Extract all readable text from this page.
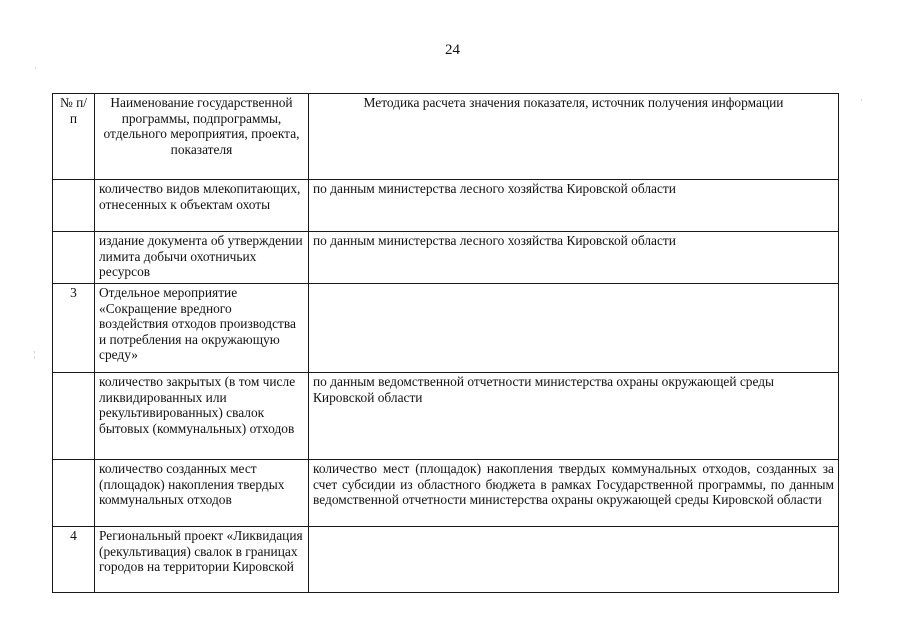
24
·
¦
·
№ п/п	Наименование государственной программы, подпрограммы, отдельного мероприятия, проекта, показателя	Методика расчета значения показателя, источник получения информации
	количество видов млекопитающих, отнесенных к объектам охоты	по данным министерства лесного хозяйства Кировской области
	издание документа об утверждении лимита добычи охотничьих ресурсов	по данным министерства лесного хозяйства Кировской области
3	Отдельное мероприятие «Сокращение вредного воздействия отходов производства и потребления на окружающую среду»	
	количество закрытых (в том числе ликвидированных или рекультивированных) свалок бытовых (коммунальных) отходов	по данным ведомственной отчетности министерства охраны окружающей среды Кировской области
	количество созданных мест (площадок) накопления твердых коммунальных отходов	количество мест (площадок) накопления твердых коммунальных отходов, созданных за счет субсидии из областного бюджета в рамках Государственной программы, по данным ведомственной отчетности министерства охраны окружающей среды Кировской области
4	Региональный проект «Ликвидация (рекультивация) свалок в границах городов на территории Кировской	
